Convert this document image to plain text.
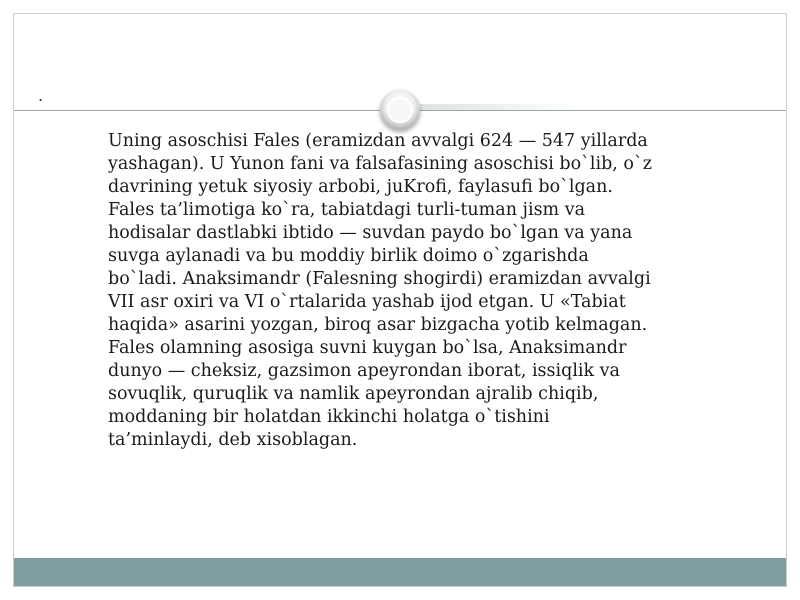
.

Uning asoschisi Fales (eramizdan avvalgi 624 — 547 yillarda
yashagan). U Yunon fani va falsafasining asoschisi bo`lib, o`z
davrining yetuk siyosiy arbobi, juKrofi, faylasufi bo`lgan.
Fales ta’limotiga ko`ra, tabiatdagi turli-tuman jism va
hodisalar dastlabki ibtido — suvdan paydo bo`lgan va yana
suvga aylanadi va bu moddiy birlik doimo o`zgarishda
bo`ladi. Anaksimandr (Falesning shogirdi) eramizdan avvalgi
VII asr oxiri va VI o`rtalarida yashab ijod etgan. U «Tabiat
haqida» asarini yozgan, biroq asar bizgacha yotib kelmagan.
Fales olamning asosiga suvni kuygan bo`lsa, Anaksimandr
dunyo — cheksiz, gazsimon apeyrondan iborat, issiqlik va
sovuqlik, quruqlik va namlik apeyrondan ajralib chiqib,
moddaning bir holatdan ikkinchi holatga o`tishini
ta’minlaydi, deb xisoblagan.
